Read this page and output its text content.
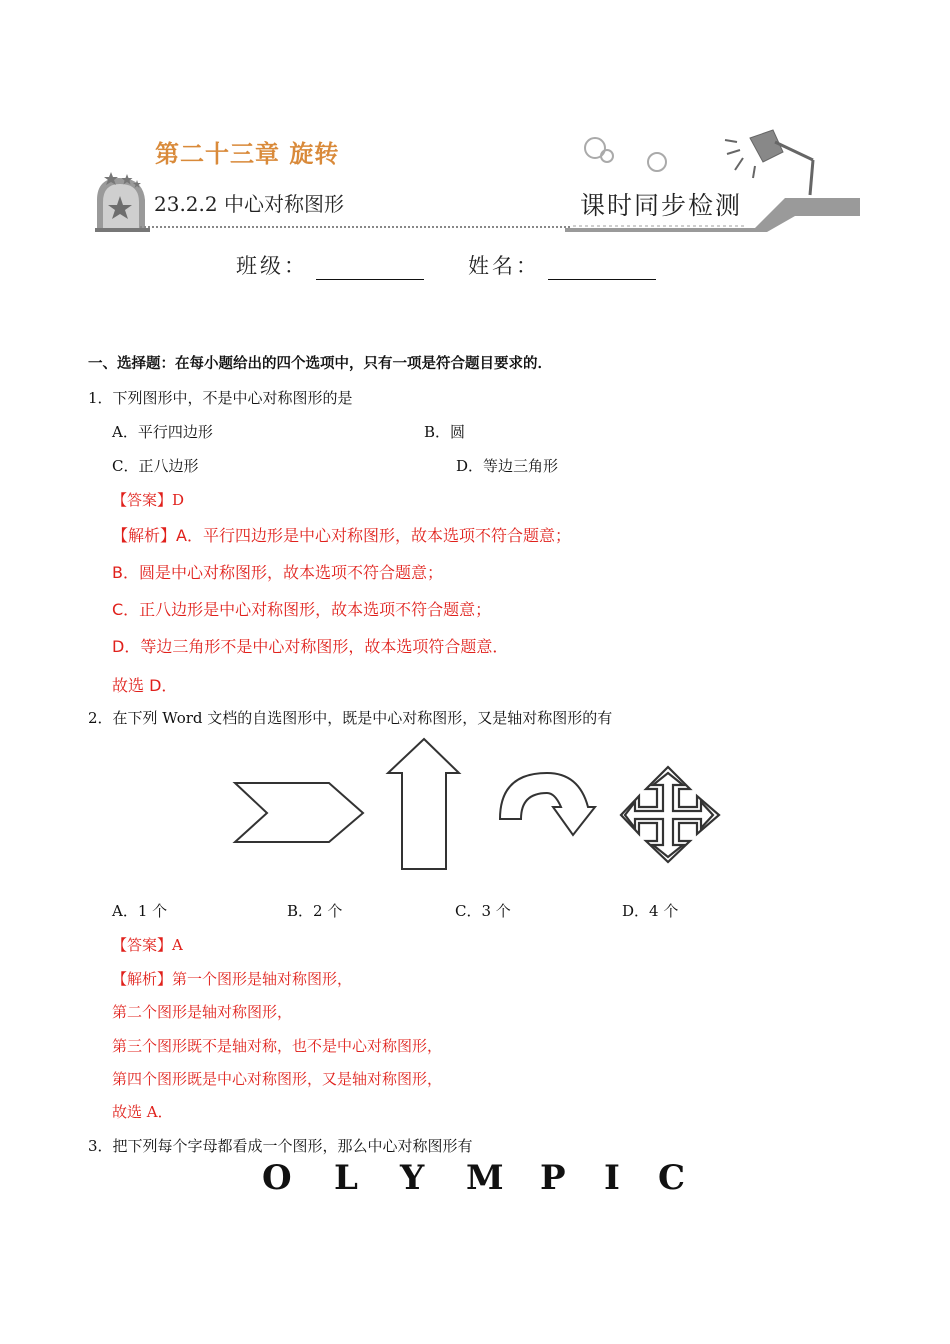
第二十三章 旋转
23.2.2 中心对称图形	课时同步检测
班级：	姓名：
一、选择题：在每小题给出的四个选项中，只有一项是符合题目要求的．
1．下列图形中，不是中心对称图形的是
A．平行四边形	B．圆
C．正八边形	D．等边三角形
【答案】D
【解析】A．平行四边形是中心对称图形，故本选项不符合题意；
B．圆是中心对称图形，故本选项不符合题意；
C．正八边形是中心对称图形，故本选项不符合题意；
D．等边三角形不是中心对称图形，故本选项符合题意．
故选 D．
2．在下列 Word 文档的自选图形中，既是中心对称图形，又是轴对称图形的有
A．1 个	B．2 个	C．3 个	D．4 个
【答案】A
【解析】第一个图形是轴对称图形，
第二个图形是轴对称图形，
第三个图形既不是轴对称，也不是中心对称图形，
第四个图形既是中心对称图形，又是轴对称图形，
故选 A．
3．把下列每个字母都看成一个图形，那么中心对称图形有
O L Y M P I C
